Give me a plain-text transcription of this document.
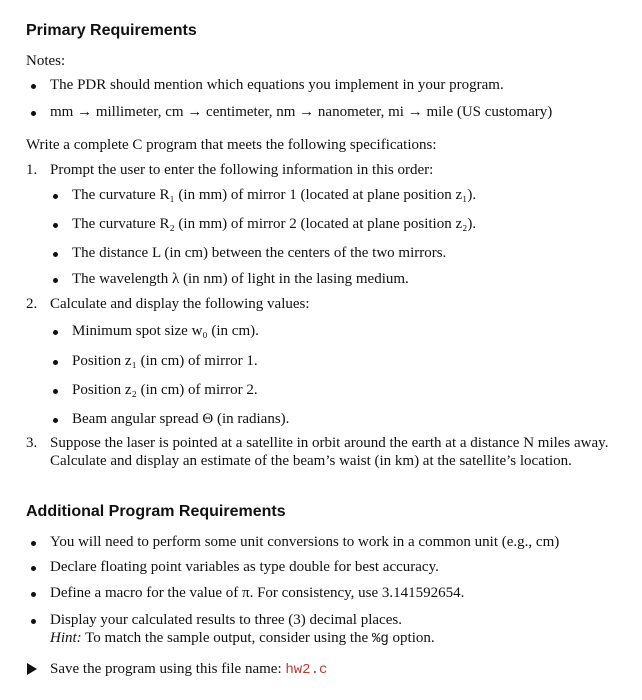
Primary Requirements
Notes:
The PDR should mention which equations you implement in your program.
mm → millimeter, cm → centimeter, nm → nanometer, mi → mile (US customary)
Write a complete C program that meets the following specifications:
1. Prompt the user to enter the following information in this order:
The curvature R₁ (in mm) of mirror 1 (located at plane position z₁).
The curvature R₂ (in mm) of mirror 2 (located at plane position z₂).
The distance L (in cm) between the centers of the two mirrors.
The wavelength λ (in nm) of light in the lasing medium.
2. Calculate and display the following values:
Minimum spot size w₀ (in cm).
Position z₁ (in cm) of mirror 1.
Position z₂ (in cm) of mirror 2.
Beam angular spread Θ (in radians).
3. Suppose the laser is pointed at a satellite in orbit around the earth at a distance N miles away.
Calculate and display an estimate of the beam’s waist (in km) at the satellite’s location.
Additional Program Requirements
You will need to perform some unit conversions to work in a common unit (e.g., cm)
Declare floating point variables as type double for best accuracy.
Define a macro for the value of π. For consistency, use 3.141592654.
Display your calculated results to three (3) decimal places.
Hint: To match the sample output, consider using the %g option.
Save the program using this file name: hw2.c
